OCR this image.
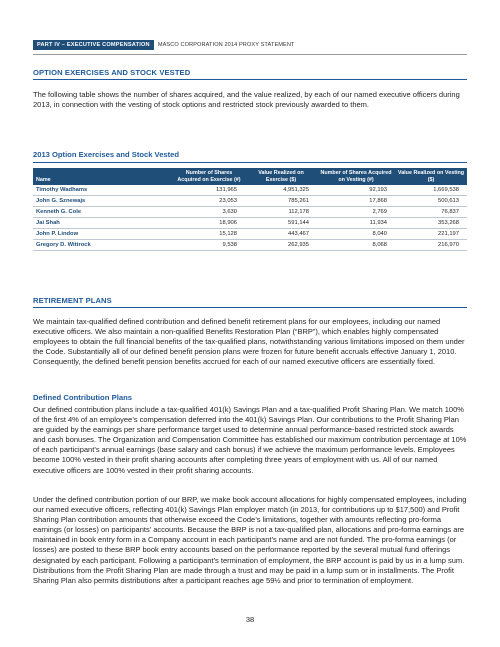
PART IV – EXECUTIVE COMPENSATION	MASCO CORPORATION 2014 PROXY STATEMENT
OPTION EXERCISES AND STOCK VESTED
The following table shows the number of shares acquired, and the value realized, by each of our named executive officers during 2013, in connection with the vesting of stock options and restricted stock previously awarded to them.
2013 Option Exercises and Stock Vested
Name	Number of Shares Acquired on Exercise (#)	Value Realized on Exercise ($)	Number of Shares Acquired on Vesting (#)	Value Realized on Vesting ($)
Timothy Wadhams	131,965	4,951,325	92,193	1,669,538
John G. Sznewajs	23,053	785,261	17,868	500,613
Kenneth G. Cole	3,630	112,178	2,769	76,837
Jai Shah	18,906	591,144	11,934	353,268
John P. Lindow	15,128	443,467	8,040	221,197
Gregory D. Wittrock	9,538	262,935	8,068	216,970
RETIREMENT PLANS
We maintain tax-qualified defined contribution and defined benefit retirement plans for our employees, including our named executive officers. We also maintain a non-qualified Benefits Restoration Plan (“BRP”), which enables highly compensated employees to obtain the full financial benefits of the tax-qualified plans, notwithstanding various limitations imposed on them under the Code. Substantially all of our defined benefit pension plans were frozen for future benefit accruals effective January 1, 2010. Consequently, the defined benefit pension benefits accrued for each of our named executive officers are essentially fixed.
Defined Contribution Plans
Our defined contribution plans include a tax-qualified 401(k) Savings Plan and a tax-qualified Profit Sharing Plan. We match 100% of the first 4% of an employee’s compensation deferred into the 401(k) Savings Plan. Our contributions to the Profit Sharing Plan are guided by the earnings per share performance target used to determine annual performance-based restricted stock awards and cash bonuses. The Organization and Compensation Committee has established our maximum contribution percentage at 10% of each participant’s annual earnings (base salary and cash bonus) if we achieve the maximum performance levels. Employees become 100% vested in their profit sharing accounts after completing three years of employment with us. All of our named executive officers are 100% vested in their profit sharing accounts.
Under the defined contribution portion of our BRP, we make book account allocations for highly compensated employees, including our named executive officers, reflecting 401(k) Savings Plan employer match (in 2013, for contributions up to $17,500) and Profit Sharing Plan contribution amounts that otherwise exceed the Code’s limitations, together with amounts reflecting pro-forma earnings (or losses) on participants’ accounts. Because the BRP is not a tax-qualified plan, allocations and pro-forma earnings are maintained in book entry form in a Company account in each participant’s name and are not funded. The pro-forma earnings (or losses) are posted to these BRP book entry accounts based on the performance reported by the several mutual fund offerings designated by each participant. Following a participant’s termination of employment, the BRP account is paid by us in a lump sum. Distributions from the Profit Sharing Plan are made through a trust and may be paid in a lump sum or in installments. The Profit Sharing Plan also permits distributions after a participant reaches age 59½ and prior to termination of employment.
38
